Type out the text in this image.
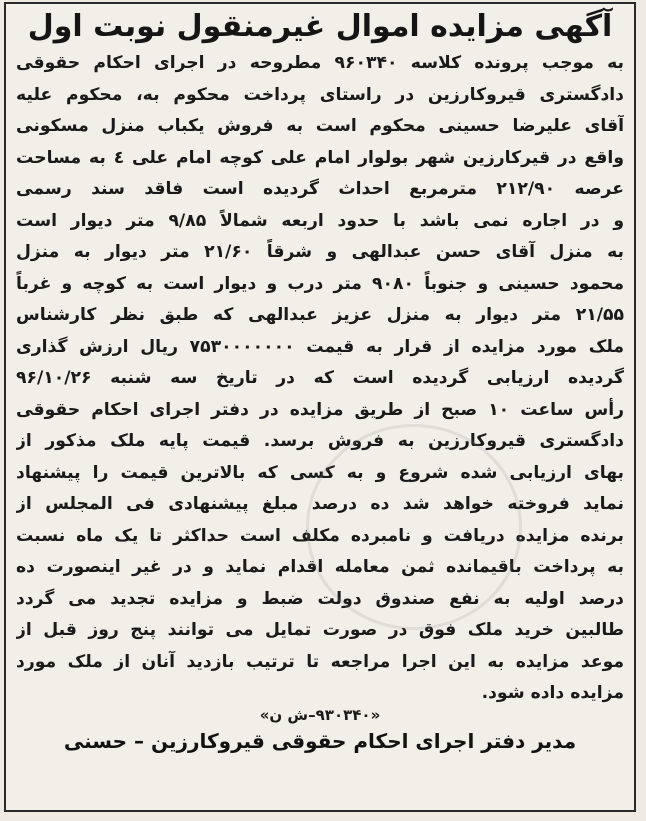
آگهی مزایده اموال غیرمنقول نوبت اول
به موجب پرونده کلاسه ۹۶۰۳۴۰ مطروحه در اجرای احکام حقوقی
دادگستری قیروکارزین در راستای پرداخت محکوم به، محکوم علیه
آقای علیرضا حسینی محکوم است به فروش یکباب منزل مسکونی
واقع در قیرکارزین شهر بولوار امام علی کوچه امام علی ٤ به مساحت
عرصه ۲۱۲/۹۰ مترمربع احداث گردیده است فاقد سند رسمی
و در اجاره نمی باشد با حدود اربعه شمالاً ۹/۸۵ متر دیوار است
به منزل آقای حسن عبدالهی و شرقاً ۲۱/۶۰ متر دیوار به منزل
محمود حسینی و جنوباً ۹۰۸۰ متر درب و دیوار است به کوچه و غرباً
۲۱/۵۵ متر دیوار به منزل عزیز عبدالهی که طبق نظر کارشناس
ملک مورد مزایده از قرار به قیمت ۷۵۳۰۰۰۰۰۰۰ ریال ارزش گذاری
گردیده ارزیابی گردیده است که در تاریخ سه شنبه ۹۶/۱۰/۲۶
رأس ساعت ۱۰ صبح از طریق مزایده در دفتر اجرای احکام حقوقی
دادگستری قیروکارزین به فروش برسد. قیمت پایه ملک مذکور از
بهای ارزیابی شده شروع و به کسی که بالاترین قیمت را پیشنهاد
نماید فروخته خواهد شد ده درصد مبلغ پیشنهادی فی المجلس از
برنده مزایده دریافت و نامبرده مکلف است حداکثر تا یک ماه نسبت
به پرداخت باقیمانده ثمن معامله اقدام نماید و در غیر اینصورت ده
درصد اولیه به نفع صندوق دولت ضبط و مزایده تجدید می گردد
طالبین خرید ملک فوق در صورت تمایل می توانند پنج روز قبل از
موعد مزایده به این اجرا مراجعه تا ترتیب بازدید آنان از ملک مورد
مزایده داده شود.
«۹۳۰۳۴۰–ش ن»
مدیر دفتر اجرای احکام حقوقی قیروکارزین – حسنی
